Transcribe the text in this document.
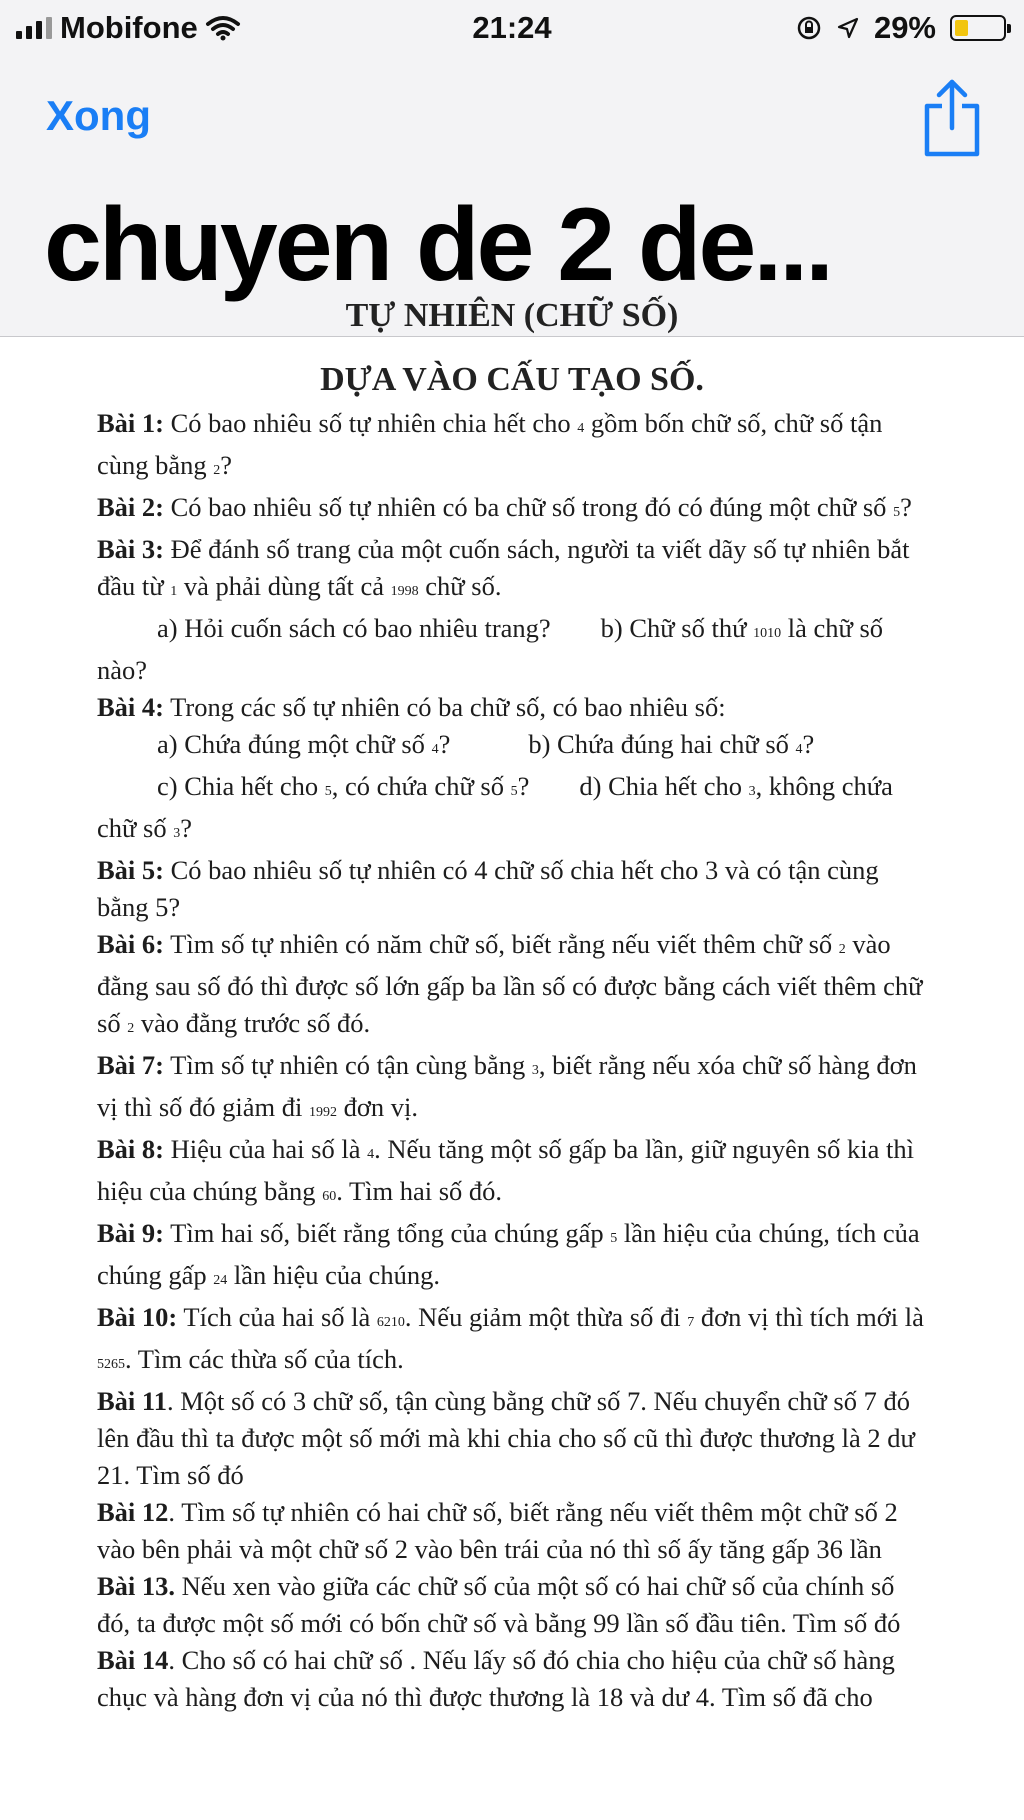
Mobifone	21:24	29%
Xong
chuyen de 2 de...
TỰ NHIÊN (CHỮ SỐ)
DỰA VÀO CẤU TẠO SỐ.

Bài 1: Có bao nhiêu số tự nhiên chia hết cho 4 gồm bốn chữ số, chữ số tận cùng bằng 2?

Bài 2: Có bao nhiêu số tự nhiên có ba chữ số trong đó có đúng một chữ số 5?

Bài 3: Để đánh số trang của một cuốn sách, người ta viết dãy số tự nhiên bắt đầu từ 1 và phải dùng tất cả 1998 chữ số.

a) Hỏi cuốn sách có bao nhiêu trang? b) Chữ số thứ 1010 là chữ số nào?

Bài 4: Trong các số tự nhiên có ba chữ số, có bao nhiêu số:

a) Chứa đúng một chữ số 4?	b) Chứa đúng hai chữ số 4?

c) Chia hết cho 5, có chứa chữ số 5? d) Chia hết cho 3, không chứa chữ số 3?

Bài 5: Có bao nhiêu số tự nhiên có 4 chữ số chia hết cho 3 và có tận cùng bằng 5?

Bài 6: Tìm số tự nhiên có năm chữ số, biết rằng nếu viết thêm chữ số 2 vào đằng sau số đó thì được số lớn gấp ba lần số có được bằng cách viết thêm chữ số 2 vào đằng trước số đó.

Bài 7: Tìm số tự nhiên có tận cùng bằng 3, biết rằng nếu xóa chữ số hàng đơn vị thì số đó giảm đi 1992 đơn vị.

Bài 8: Hiệu của hai số là 4. Nếu tăng một số gấp ba lần, giữ nguyên số kia thì hiệu của chúng bằng 60. Tìm hai số đó.

Bài 9: Tìm hai số, biết rằng tổng của chúng gấp 5 lần hiệu của chúng, tích của chúng gấp 24 lần hiệu của chúng.

Bài 10: Tích của hai số là 6210. Nếu giảm một thừa số đi 7 đơn vị thì tích mới là 5265. Tìm các thừa số của tích.

Bài 11. Một số có 3 chữ số, tận cùng bằng chữ số 7. Nếu chuyển chữ số 7 đó lên đầu thì ta được một số mới mà khi chia cho số cũ thì được thương là 2 dư 21. Tìm số đó

Bài 12. Tìm số tự nhiên có hai chữ số, biết rằng nếu viết thêm một chữ số 2 vào bên phải và một chữ số 2 vào bên trái của nó thì số ấy tăng gấp 36 lần

Bài 13. Nếu xen vào giữa các chữ số của một số có hai chữ số của chính số đó, ta được một số mới có bốn chữ số và bằng 99 lần số đầu tiên. Tìm số đó

Bài 14. Cho số có hai chữ số . Nếu lấy số đó chia cho hiệu của chữ số hàng chục và hàng đơn vị của nó thì được thương là 18 và dư 4. Tìm số đã cho
